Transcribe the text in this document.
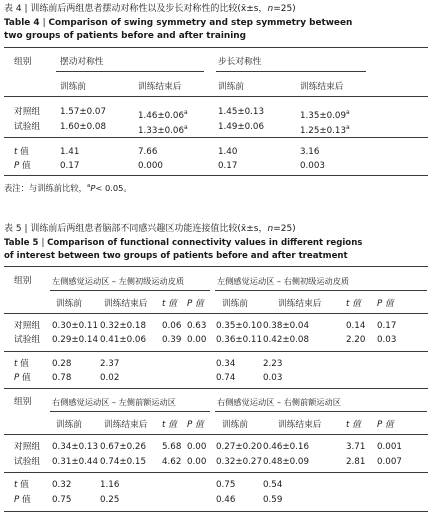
表 4 | 训练前后两组患者摆动对称性以及步长对称性的比较(x̄±s，n=25)
Table 4 | Comparison of swing symmetry and step symmetry between
two groups of patients before and after training
组别	摆动对称性	步长对称性
训练前	训练结束后	训练前	训练结束后
对照组 1.57±0.07	1.46±0.06$^a$	1.45±0.13	1.35±0.09$^a$
试验组 1.60±0.08	1.33±0.06$^a$	1.49±0.06	1.25±0.13$^a$
t 值	1.41	7.66	1.40	3.16
P 值	0.17	0.000	0.17	0.003
表注：与训练前比较，$^a$P< 0.05。
表 5 | 训练前后两组患者脑部不同感兴趣区功能连接值比较(x̄±s，n=25)
Table 5 | Comparison of functional connectivity values in different regions
of interest between two groups of patients before and after treatment
组别	左侧感觉运动区 – 左侧初级运动皮质	左侧感觉运动区 – 右侧初级运动皮质
训练前	训练结束后 t 值 P 值 训练前	训练结束后	t 值 P 值
对照组 0.30±0.11 0.32±0.18 0.06 0.63 0.35±0.10 0.38±0.04	0.14 0.17
试验组 0.29±0.14 0.41±0.06 0.39 0.00 0.36±0.11 0.42±0.08	2.20 0.03
t 值	0.28	2.37	0.34	2.23
P 值 0.78	0.02	0.74	0.03
组别	右侧感觉运动区 – 左侧前额运动区	右侧感觉运动区 – 右侧前额运动区
训练前	训练结束后 t 值 P 值 训练前	训练结束后	t 值 P 值
对照组 0.34±0.13 0.67±0.26 5.68 0.00 0.27±0.20 0.46±0.16	3.71 0.001
试验组 0.31±0.44 0.74±0.15 4.62 0.00 0.32±0.27 0.48±0.09	2.81 0.007
t 值	0.32	1.16	0.75	0.54
P 值 0.75	0.25	0.46	0.59
